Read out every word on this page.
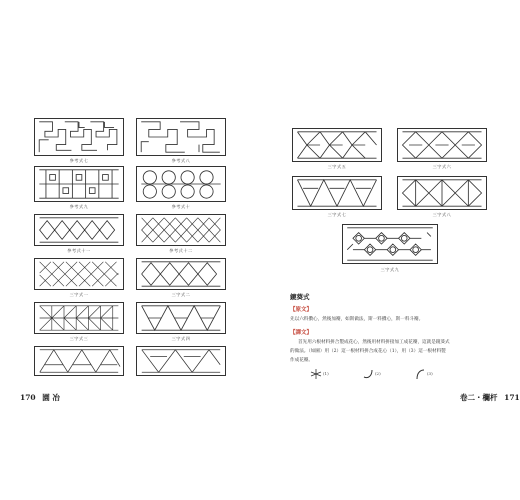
參考式七	參考式八
參考式九	參考式十
參考式十一	參考式十二
三字式一	三字式二
三字式三	三字式四
170 園 冶
三字式六
三字式五
三字式七	三字式八
三字式九
卷二・欄杆 171
鏡葵式
【原文】
先以六料攢心，然後加瓣，如斯做法，斯一料攢心，斯一料斗瓣。
【譯文】
首先用六根材料拼合製成花心，然後用材料拼接加工成花瓣，這就是鏡葵式
的做法。（如圖）用（2）這一根材料拼合成花心（1），用（3）這一根材料製
作成花瓣。
(1)	(2)	(3)
